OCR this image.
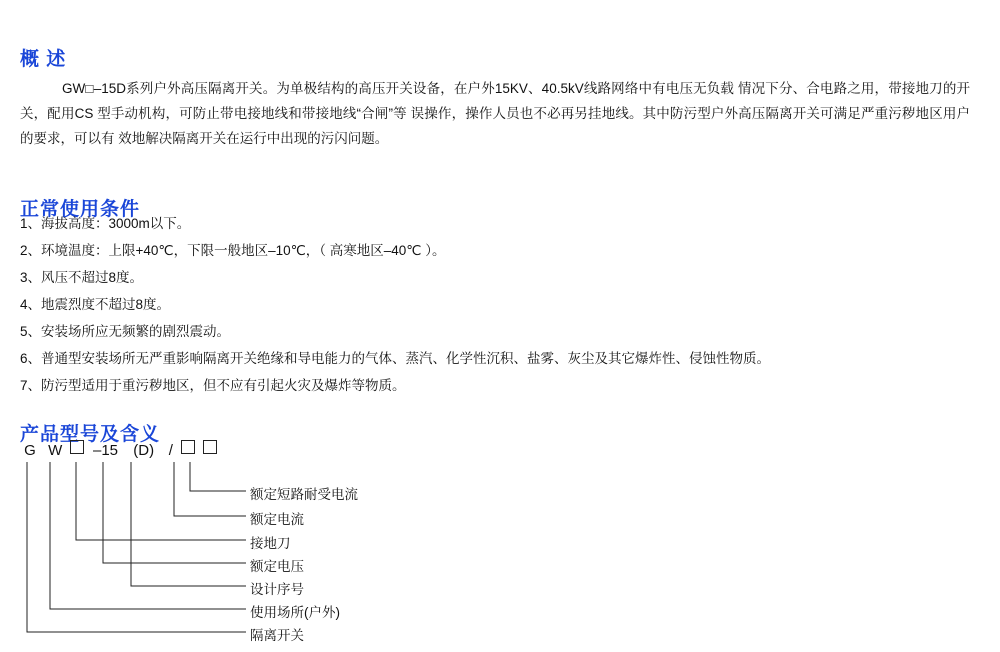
概 述

GW□–15D系列户外高压隔离开关。为单极结构的高压开关设备，在户外15KV、40.5kV线路网络中有电压无负载 情况下分、合电路之用，带接地刀的开关，配用CS 型手动机构，可防止带电接地线和带接地线“合闸”等 误操作，操作人员也不必再另挂地线。其中防污型户外高压隔离开关可满足严重污秽地区用户的要求，可以有 效地解决隔离开关在运行中出现的污闪问题。

正常使用条件
1、海拔高度：3000m以下。
2、环境温度：上限+40℃，下限一般地区–10℃，（ 高寒地区–40℃ ）。
3、风压不超过8度。
4、地震烈度不超过8度。
5、安装场所应无频繁的剧烈震动。
6、普通型安装场所无严重影响隔离开关绝缘和导电能力的气体、蒸汽、化学性沉积、盐雾、灰尘及其它爆炸性、侵蚀性物质。
7、防污型适用于重污秽地区，但不应有引起火灾及爆炸等物质。
产品型号及含义
G W –15 (D) /
额定短路耐受电流
额定电流
接地刀
额定电压
设计序号
使用场所(户外)
隔离开关
